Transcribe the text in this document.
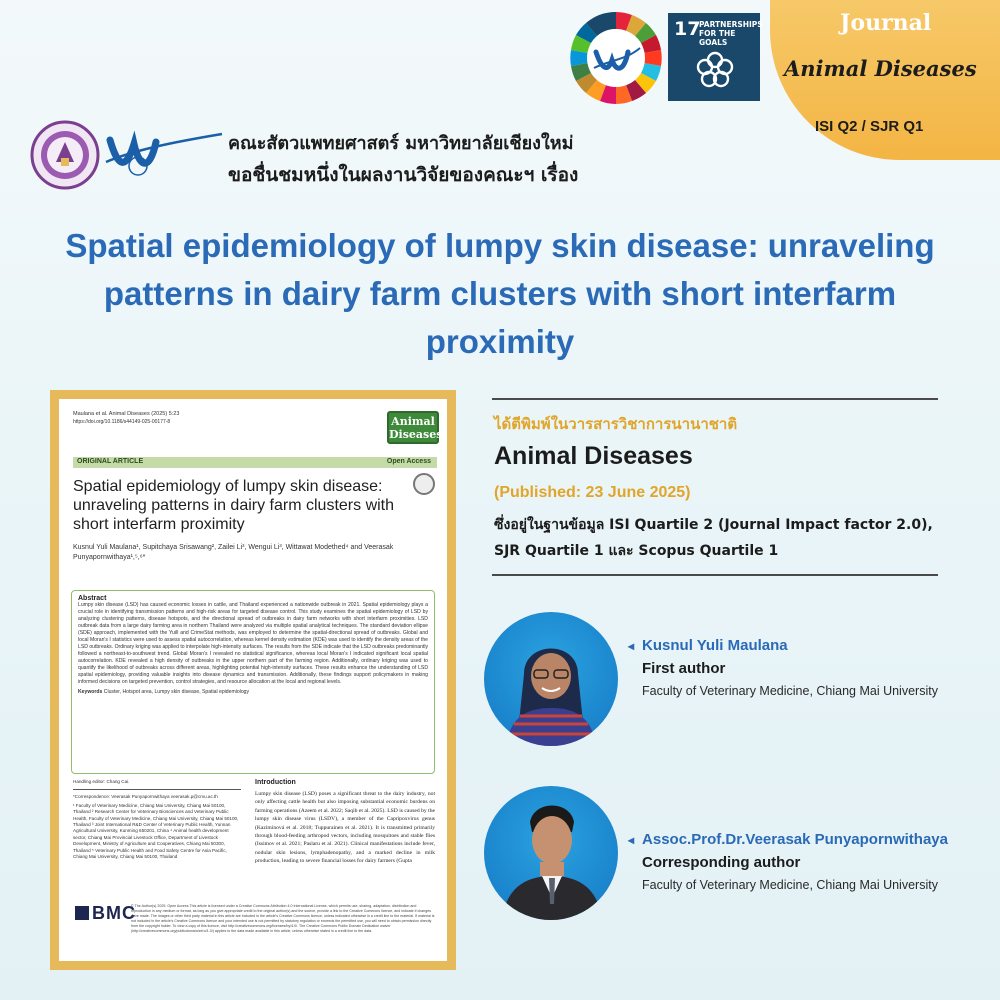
17
PARTNERSHIPS FOR THE GOALS
Journal
Animal Diseases
ISI Q2 / SJR Q1
คณะสัตวแพทยศาสตร์ มหาวิทยาลัยเชียงใหม่
ขอชื่นชมหนึ่งในผลงานวิจัยของคณะฯ เรื่อง
Spatial epidemiology of lumpy skin disease: unraveling patterns in dairy farm clusters with short interfarm proximity
Maulana et al. Animal Diseases (2025) 5:23
https://doi.org/10.1186/s44149-025-00177-8	Animal Diseases
ORIGINAL ARTICLE	Open Access
Spatial epidemiology of lumpy skin disease: unraveling patterns in dairy farm clusters with short interfarm proximity
Kusnul Yuli Maulana¹, Supitchaya Srisawang², Zailei Li³, Wengui Li³, Wittawat Modethed⁴ and Veerasak Punyapornwithaya¹,⁵,⁶*
Abstract
Lumpy skin disease (LSD) has caused economic losses in cattle, and Thailand experienced a nationwide outbreak in 2021. Spatial epidemiology plays a crucial role in identifying transmission patterns and high-risk areas for targeted disease control. This study examines the spatial epidemiology of LSD by analyzing clustering patterns, disease hotspots, and the directional spread of outbreaks in dairy farm networks with short interfarm proximities. LSD outbreak data from a large dairy farming area in northern Thailand were analyzed via multiple spatial analytical techniques. The standard deviation ellipse (SDE) approach, implemented with the Yuill and CrimeStat methods, was employed to determine the spatial-directional spread of outbreaks. Global and local Moran's I statistics were used to assess spatial autocorrelation, whereas kernel density estimation (KDE) was used to identify the density areas of the LSD outbreaks. Ordinary kriging was applied to interpolate high-intensity surfaces. The results from the SDE indicate that the LSD outbreaks predominantly followed a northeast-to-southwest trend. Global Moran's I revealed no statistical significance, whereas local Moran's I indicated significant local spatial autocorrelation. KDE revealed a high density of outbreaks in the upper northern part of the farming region. Additionally, ordinary kriging was used to quantify the likelihood of outbreaks across different areas, highlighting potential high-intensity surfaces. These results enhance the understanding of LSD spatial epidemiology, providing valuable insights into disease dynamics and transmission. Additionally, these findings support policymakers in making informed decisions on targeted prevention, control strategies, and resource allocation at the local and regional levels.
Keywords Cluster, Hotspot area, Lumpy skin disease, Spatial epidemiology
Handling editor: Chang Cai.
*Correspondence: Veerasak Punyapornwithaya veerasak.p@cmu.ac.th
¹ Faculty of Veterinary Medicine, Chiang Mai University, Chiang Mai 50100, Thailand ² Research Center for Veterinary Biosciences and Veterinary Public Health, Faculty of Veterinary Medicine, Chiang Mai University, Chiang Mai 50100, Thailand ³ Joint International R&D Center of Veterinary Public Health, Yunnan Agricultural University, Kunming 650201, China ⁴ Animal health development sector, Chiang Mai Provincial Livestock Office, Department of Livestock Development, Ministry of Agriculture and Cooperatives, Chiang Mai 50300, Thailand ⁵ Veterinary Public Health and Food Safety Centre for Asia Pacific, Chiang Mai University, Chiang Mai 50100, Thailand
Introduction
Lumpy skin disease (LSD) poses a significant threat to the dairy industry, not only affecting cattle health but also imposing substantial economic burdens on farming operations (Azeem et al. 2022; Saqib et al. 2025). LSD is caused by the lumpy skin disease virus (LSDV), a member of the Capripoxvirus genus (Kaziminová et al. 2018; Tuppurainen et al. 2021). It is transmitted primarily through blood-feeding arthropod vectors, including mosquitoes and stable flies (Issimov et al. 2021; Paslaru et al. 2021). Clinical manifestations include fever, nodular skin lesions, lymphadenopathy, and a marked decline in milk production, leading to severe financial losses for dairy farmers (Gupta
BMC
© The Author(s) 2025. Open Access This article is licensed under a Creative Commons Attribution 4.0 International License, which permits use, sharing, adaptation, distribution and reproduction in any medium or format, as long as you give appropriate credit to the original author(s) and the source, provide a link to the Creative Commons licence, and indicate if changes were made. The images or other third party material in this article are included in the article's Creative Commons licence, unless indicated otherwise in a credit line to the material. If material is not included in the article's Creative Commons licence and your intended use is not permitted by statutory regulation or exceeds the permitted use, you will need to obtain permission directly from the copyright holder. To view a copy of this licence, visit http://creativecommons.org/licenses/by/4.0/. The Creative Commons Public Domain Dedication waiver (http://creativecommons.org/publicdomain/zero/1.0/) applies to the data made available in this article, unless otherwise stated in a credit line to the data.
ได้ตีพิมพ์ในวารสารวิชาการนานาชาติ
Animal Diseases
(Published: 23 June 2025)
ซึ่งอยู่ในฐานข้อมูล ISI Quartile 2 (Journal Impact factor 2.0),
SJR Quartile 1 และ Scopus Quartile 1
◂ Kusnul Yuli Maulana
First author
Faculty of Veterinary Medicine, Chiang Mai University
◂ Assoc.Prof.Dr.Veerasak Punyapornwithaya
Corresponding author
Faculty of Veterinary Medicine, Chiang Mai University
